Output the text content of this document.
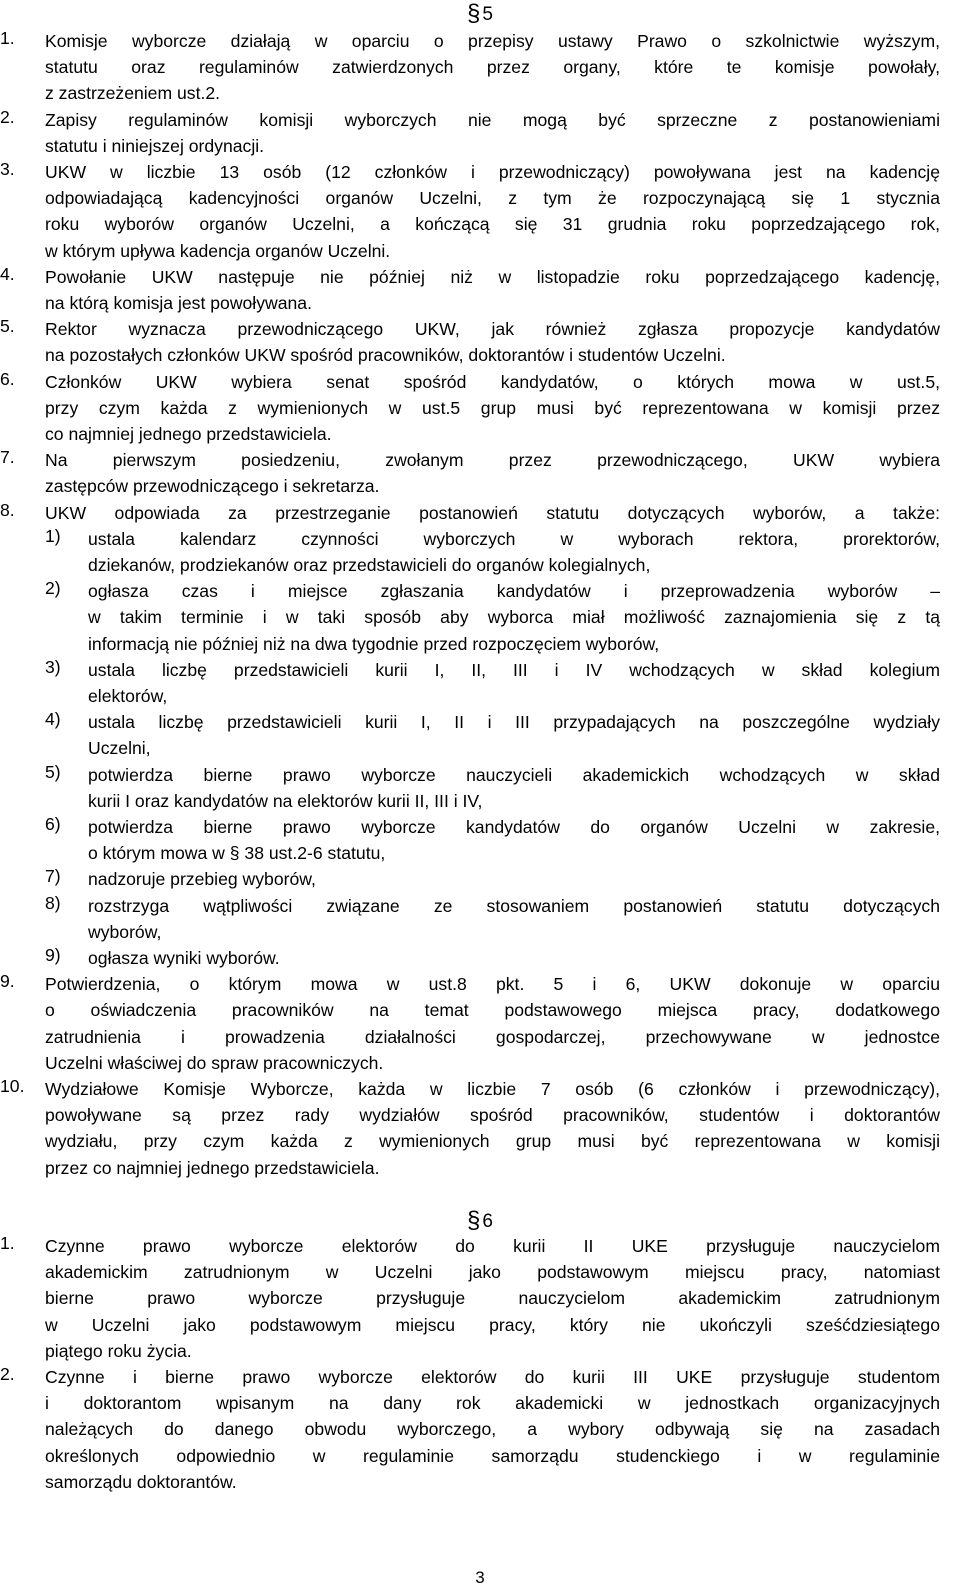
§ 5
1.	Komisje wyborcze działają w oparciu o przepisy ustawy Prawo o szkolnictwie wyższym,
statutu oraz regulaminów zatwierdzonych przez organy, które te komisje powołały,
z zastrzeżeniem ust.2.
2.	Zapisy regulaminów komisji wyborczych nie mogą być sprzeczne z postanowieniami
statutu i niniejszej ordynacji.
3.	UKW w liczbie 13 osób (12 członków i przewodniczący) powoływana jest na kadencję
odpowiadającą kadencyjności organów Uczelni, z tym że rozpoczynającą się 1 stycznia
roku wyborów organów Uczelni, a kończącą się 31 grudnia roku poprzedzającego rok,
w którym upływa kadencja organów Uczelni.
4.	Powołanie UKW następuje nie później niż w listopadzie roku poprzedzającego kadencję,
na którą komisja jest powoływana.
5.	Rektor wyznacza przewodniczącego UKW, jak również zgłasza propozycje kandydatów
na pozostałych członków UKW spośród pracowników, doktorantów i studentów Uczelni.
6.	Członków UKW wybiera senat spośród kandydatów, o których mowa w ust.5,
przy czym każda z wymienionych w ust.5 grup musi być reprezentowana w komisji przez
co najmniej jednego przedstawiciela.
7.	Na pierwszym posiedzeniu, zwołanym przez przewodniczącego, UKW wybiera
zastępców przewodniczącego i sekretarza.
8.	UKW odpowiada za przestrzeganie postanowień statutu dotyczących wyborów, a także:
1)	ustala kalendarz czynności wyborczych w wyborach rektora, prorektorów,
dziekanów, prodziekanów oraz przedstawicieli do organów kolegialnych,
2)	ogłasza czas i miejsce zgłaszania kandydatów i przeprowadzenia wyborów –
w takim terminie i w taki sposób aby wyborca miał możliwość zaznajomienia się z tą
informacją nie później niż na dwa tygodnie przed rozpoczęciem wyborów,
3)	ustala liczbę przedstawicieli kurii I, II, III i IV wchodzących w skład kolegium
elektorów,
4)	ustala liczbę przedstawicieli kurii I, II i III przypadających na poszczególne wydziały
Uczelni,
5)	potwierdza bierne prawo wyborcze nauczycieli akademickich wchodzących w skład
kurii I oraz kandydatów na elektorów kurii II, III i IV,
6)	potwierdza bierne prawo wyborcze kandydatów do organów Uczelni w zakresie,
o którym mowa w § 38 ust.2-6 statutu,
7)	nadzoruje przebieg wyborów,
8)	rozstrzyga wątpliwości związane ze stosowaniem postanowień statutu dotyczących
wyborów,
9)	ogłasza wyniki wyborów.
9.	Potwierdzenia, o którym mowa w ust.8 pkt. 5 i 6, UKW dokonuje w oparciu
o oświadczenia pracowników na temat podstawowego miejsca pracy, dodatkowego
zatrudnienia i prowadzenia działalności gospodarczej, przechowywane w jednostce
Uczelni właściwej do spraw pracowniczych.
10.	Wydziałowe Komisje Wyborcze, każda w liczbie 7 osób (6 członków i przewodniczący),
powoływane są przez rady wydziałów spośród pracowników, studentów i doktorantów
wydziału, przy czym każda z wymienionych grup musi być reprezentowana w komisji
przez co najmniej jednego przedstawiciela.
§ 6
1.	Czynne prawo wyborcze elektorów do kurii II UKE przysługuje nauczycielom
akademickim zatrudnionym w Uczelni jako podstawowym miejscu pracy, natomiast
bierne prawo wyborcze przysługuje nauczycielom akademickim zatrudnionym
w Uczelni jako podstawowym miejscu pracy, który nie ukończyli sześćdziesiątego
piątego roku życia.
2.	Czynne i bierne prawo wyborcze elektorów do kurii III UKE przysługuje studentom
i doktorantom wpisanym na dany rok akademicki w jednostkach organizacyjnych
należących do danego obwodu wyborczego, a wybory odbywają się na zasadach
określonych odpowiednio w regulaminie samorządu studenckiego i w regulaminie
samorządu doktorantów.
3
